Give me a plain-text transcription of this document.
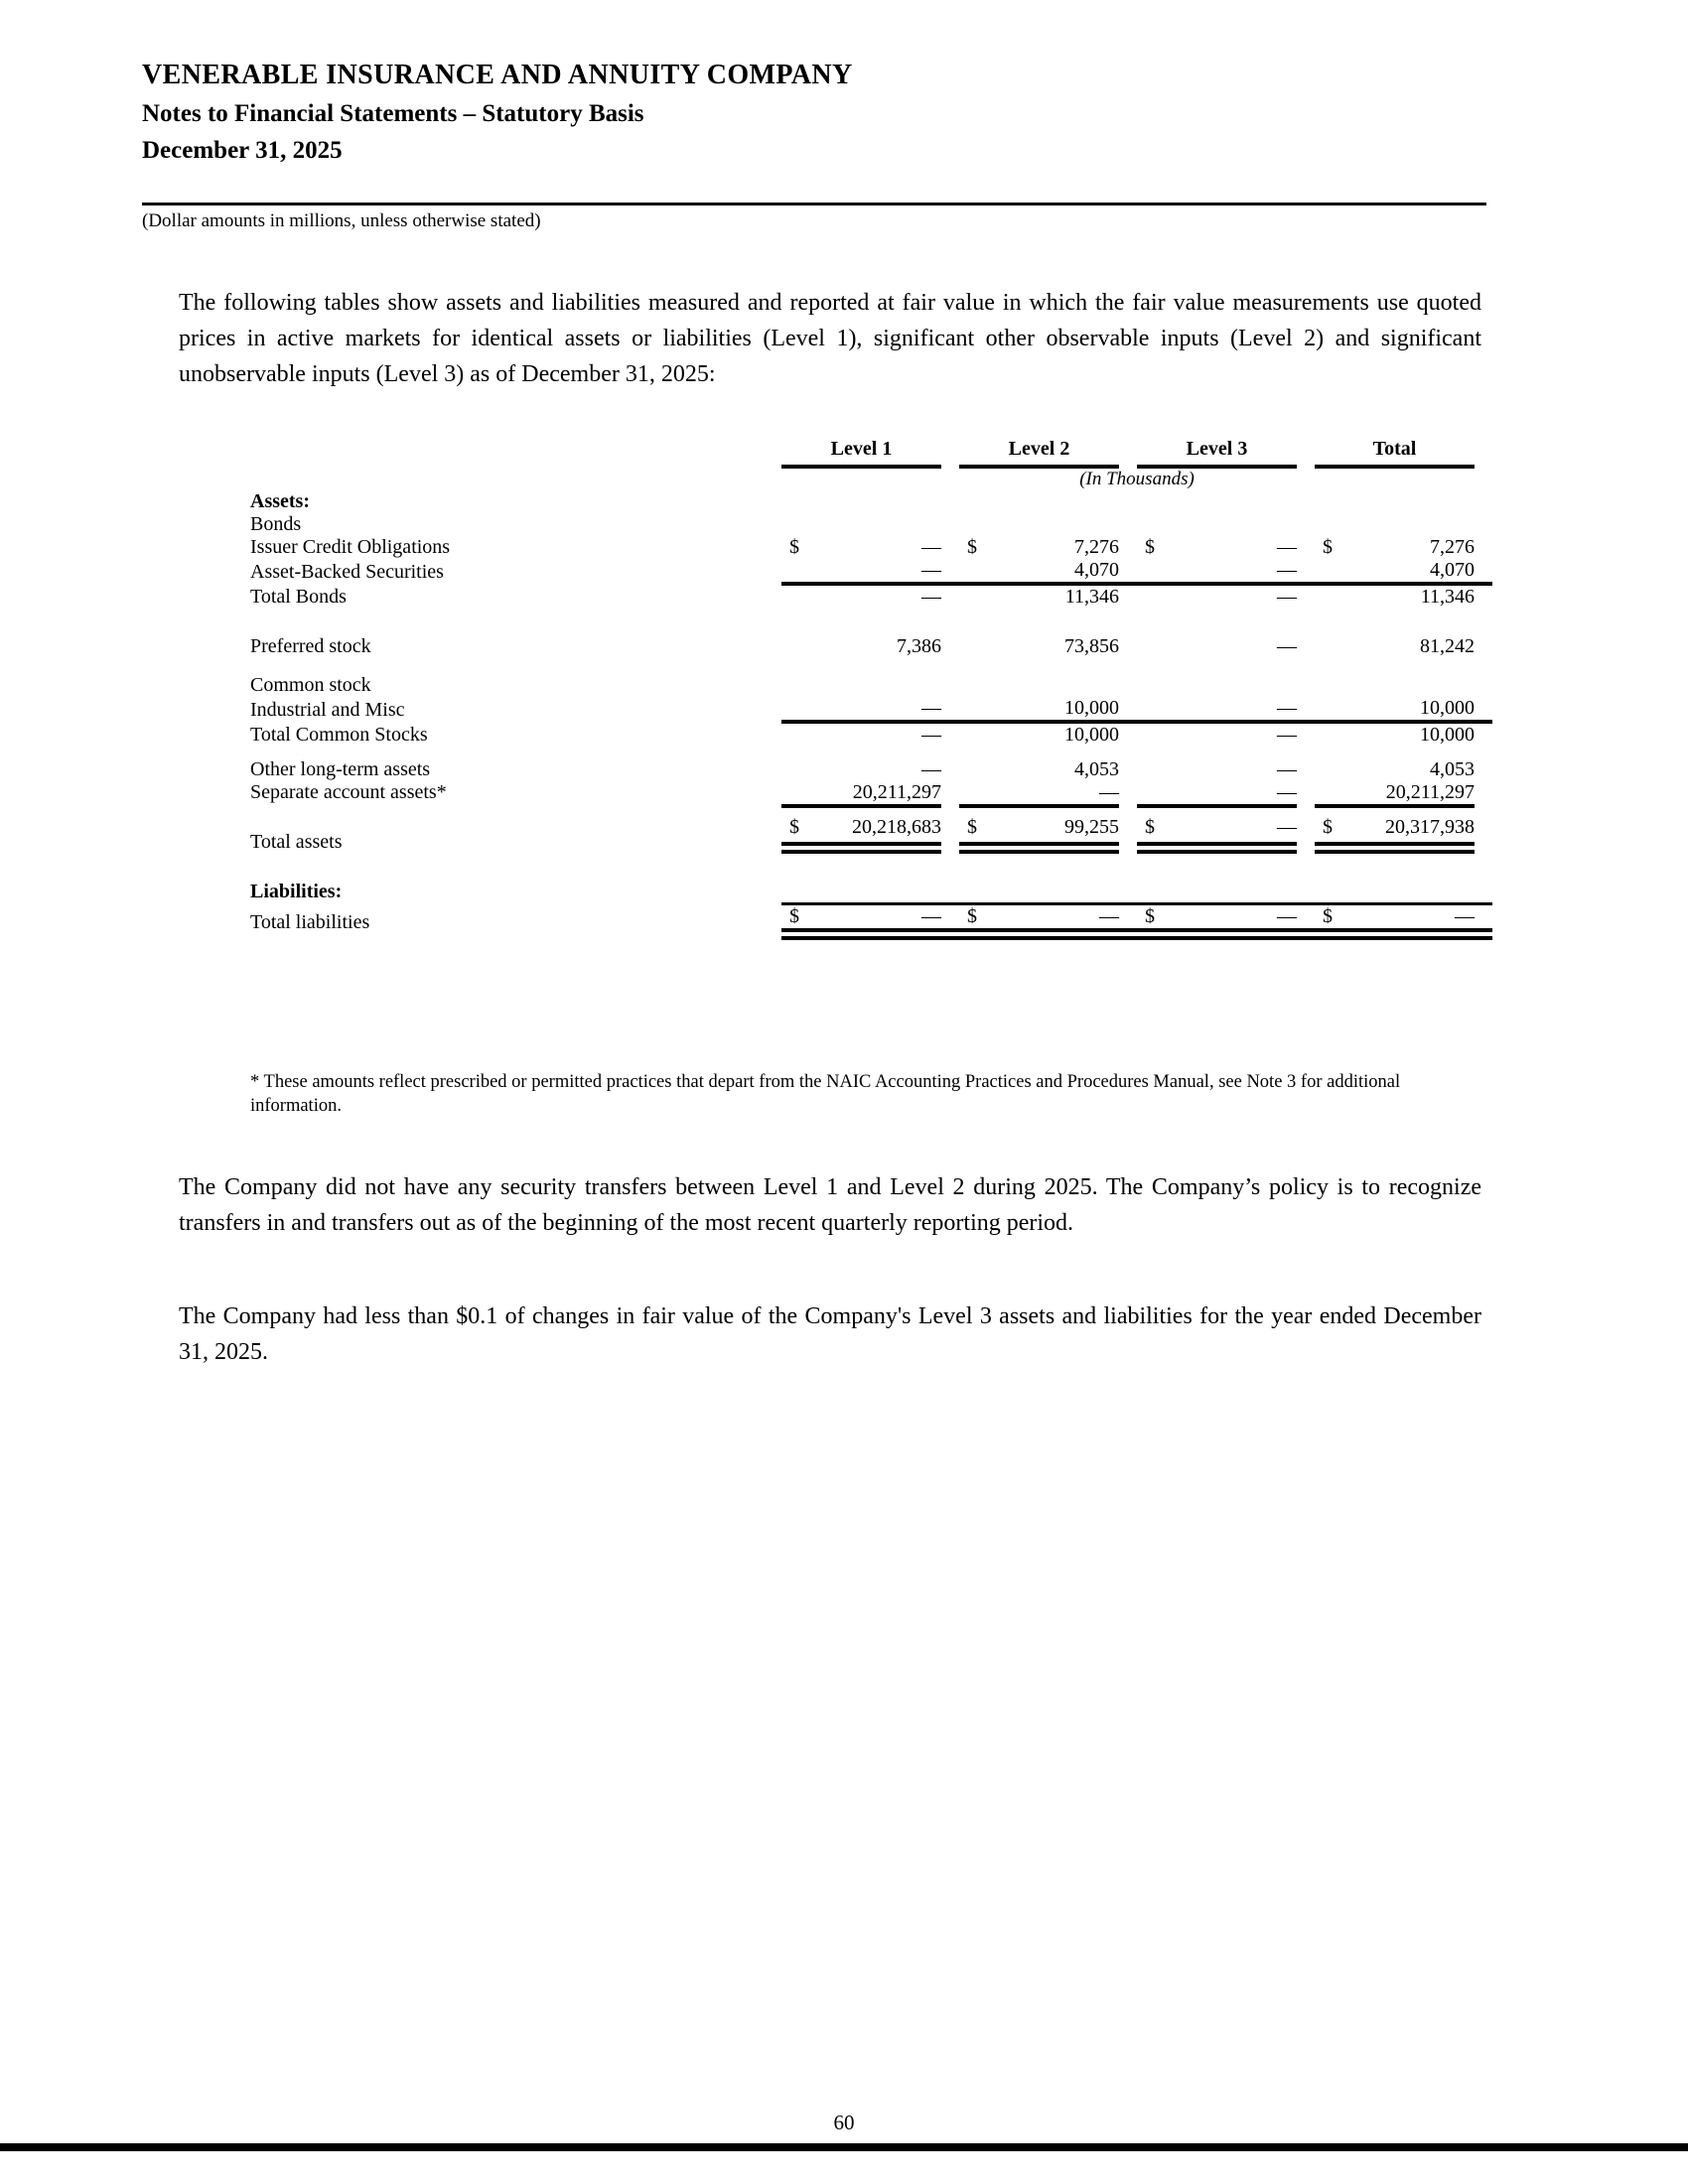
VENERABLE INSURANCE AND ANNUITY COMPANY
Notes to Financial Statements – Statutory Basis
December 31, 2025
(Dollar amounts in millions, unless otherwise stated)
The following tables show assets and liabilities measured and reported at fair value in which the fair value measurements use quoted prices in active markets for identical assets or liabilities (Level 1), significant other observable inputs (Level 2) and significant unobservable inputs (Level 3) as of December 31, 2025:

	Level 1	Level 2	Level 3	Total

	(In Thousands)			
Assets:	

Bonds	

Issuer Credit Obligations	$ —	$ 7,276	$ —	$ 7,276

Asset-Backed Securities	—	4,070	—	4,070

Total Bonds	—	11,346	—	11,346

Preferred stock	7,386	73,856	—	81,242

Common stock	

Industrial and Misc	—	10,000	—	10,000

Total Common Stocks	—	10,000	—	10,000

Other long-term assets	—	4,053	—	4,053

Separate account assets*	20,211,297	—	—	20,211,297

Total assets	$ 20,218,683	$ 99,255	$ —	$ 20,317,938

Liabilities:	

Total liabilities	$ —	$ —	$ —	$ —
* These amounts reflect prescribed or permitted practices that depart from the NAIC Accounting Practices and Procedures Manual, see Note 3 for additional information.
The Company did not have any security transfers between Level 1 and Level 2 during 2025. The Company’s policy is to recognize transfers in and transfers out as of the beginning of the most recent quarterly reporting period.
The Company had less than $0.1 of changes in fair value of the Company's Level 3 assets and liabilities for the year ended December 31, 2025.
60
